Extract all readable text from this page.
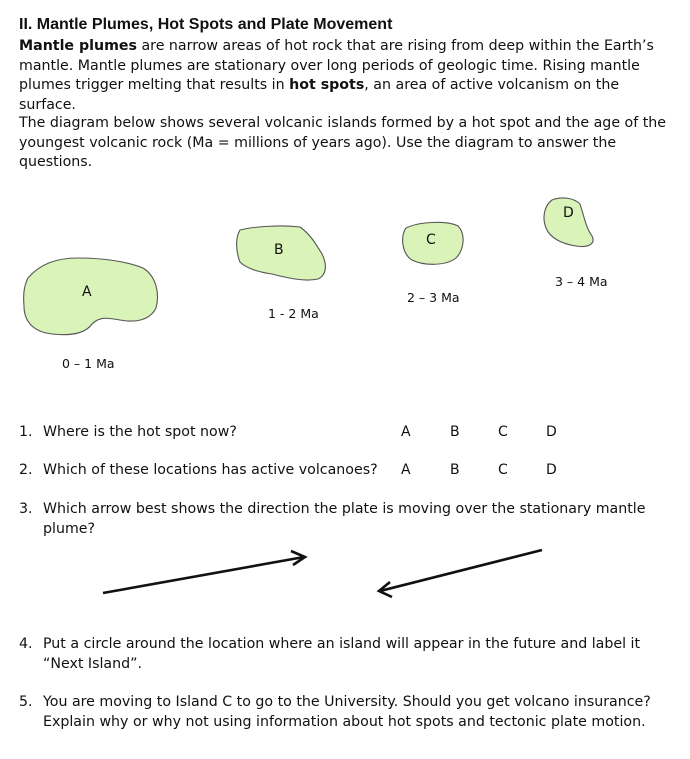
II. Mantle Plumes, Hot Spots and Plate Movement
Mantle plumes are narrow areas of hot rock that are rising from deep within the Earth’s mantle. Mantle plumes are stationary over long periods of geologic time. Rising mantle plumes trigger melting that results in hot spots, an area of active volcanism on the surface.
The diagram below shows several volcanic islands formed by a hot spot and the age of the youngest volcanic rock (Ma = millions of years ago). Use the diagram to answer the questions.
A
0 – 1 Ma
B
1 - 2 Ma
C
2 – 3 Ma
D
3 – 4 Ma
1. Where is the hot spot now?	A	B	C	D
2. Which of these locations has active volcanoes?	A	B	C	D
3. Which arrow best shows the direction the plate is moving over the stationary mantle plume?
4. Put a circle around the location where an island will appear in the future and label it “Next Island”.
5. You are moving to Island C to go to the University. Should you get volcano insurance? Explain why or why not using information about hot spots and tectonic plate motion.
